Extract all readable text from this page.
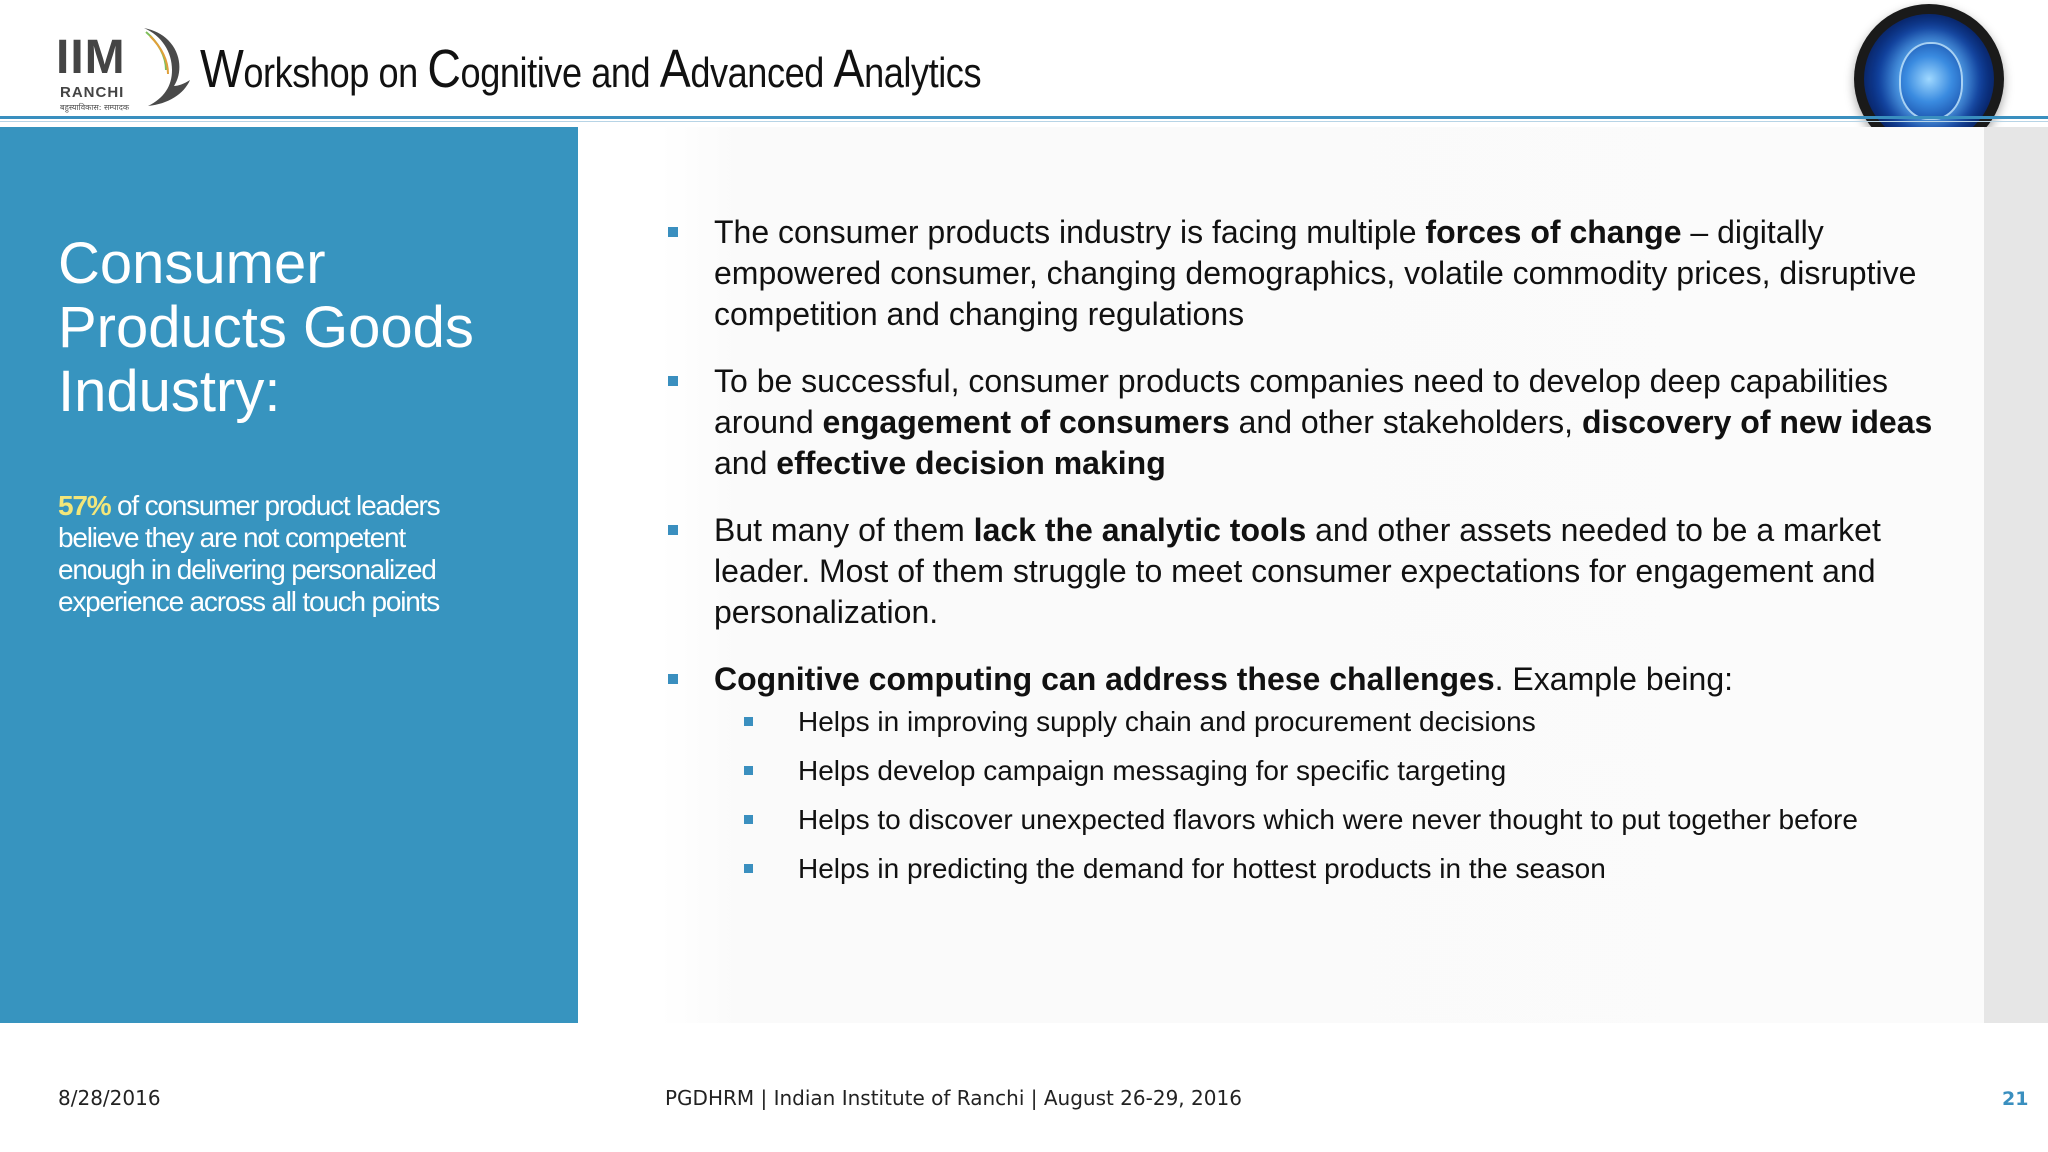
IIM
RANCHI
बहुस्याविकास: सम्पादक
Workshop on Cognitive and Advanced Analytics
Consumer Products Goods Industry:
57% of consumer product leaders believe they are not competent enough in delivering personalized experience across all touch points
The consumer products industry is facing multiple forces of change – digitally empowered consumer, changing demographics, volatile commodity prices, disruptive competition and changing regulations
To be successful, consumer products companies need to develop deep capabilities around engagement of consumers and other stakeholders, discovery of new ideas and effective decision making
But many of them lack the analytic tools and other assets needed to be a market leader. Most of them struggle to meet consumer expectations for engagement and personalization.
Cognitive computing can address these challenges. Example being:
Helps in improving supply chain and procurement decisions
Helps develop campaign messaging for specific targeting
Helps to discover unexpected flavors which were never thought to put together before
Helps in predicting the demand for hottest products in the season
8/28/2016	PGDHRM | Indian Institute of Ranchi | August 26-29, 2016	21
